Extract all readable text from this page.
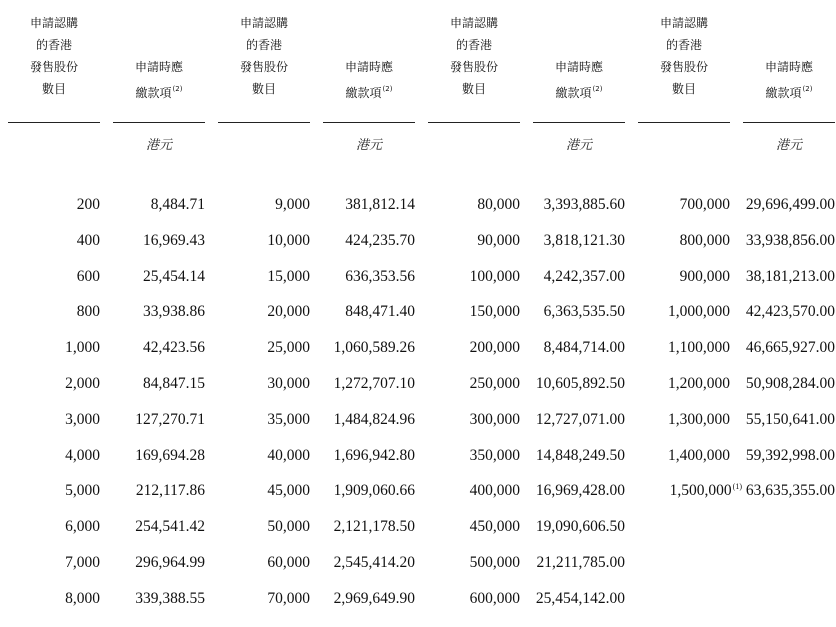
申請認購
的香港
發售股份
數目
200
400
600
800
1,000
2,000
3,000
4,000
5,000
6,000
7,000
8,000
申請時應
繳款項$^{(2)}$
港元
8,484.71
16,969.43
25,454.14
33,938.86
42,423.56
84,847.15
127,270.71
169,694.28
212,117.86
254,541.42
296,964.99
339,388.55
申請認購
的香港
發售股份
數目
9,000
10,000
15,000
20,000
25,000
30,000
35,000
40,000
45,000
50,000
60,000
70,000
申請時應
繳款項$^{(2)}$
港元
381,812.14
424,235.70
636,353.56
848,471.40
1,060,589.26
1,272,707.10
1,484,824.96
1,696,942.80
1,909,060.66
2,121,178.50
2,545,414.20
2,969,649.90
申請認購
的香港
發售股份
數目
80,000
90,000
100,000
150,000
200,000
250,000
300,000
350,000
400,000
450,000
500,000
600,000
申請時應
繳款項$^{(2)}$
港元
3,393,885.60
3,818,121.30
4,242,357.00
6,363,535.50
8,484,714.00
10,605,892.50
12,727,071.00
14,848,249.50
16,969,428.00
19,090,606.50
21,211,785.00
25,454,142.00
申請認購
的香港
發售股份
數目
700,000
800,000
900,000
1,000,000
1,100,000
1,200,000
1,300,000
1,400,000
1,500,000$^{(1)}$
申請時應
繳款項$^{(2)}$
港元
29,696,499.00
33,938,856.00
38,181,213.00
42,423,570.00
46,665,927.00
50,908,284.00
55,150,641.00
59,392,998.00
63,635,355.00
